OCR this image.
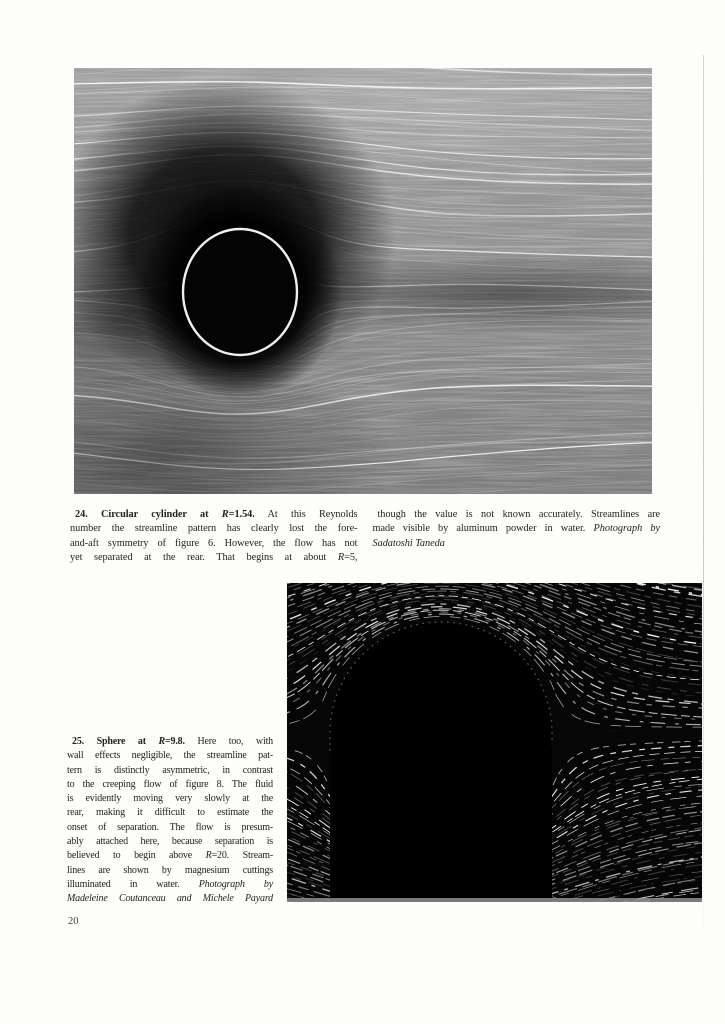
24. Circular cylinder at R=1.54. At this Reynolds
number the streamline pattern has clearly lost the fore-
and-aft symmetry of figure 6. However, the flow has not
yet separated at the rear. That begins at about R=5,
though the value is not known accurately. Streamlines are
made visible by aluminum powder in water. Photograph by
Sadatoshi Taneda
25. Sphere at R=9.8. Here too, with
wall effects negligible, the streamline pat-
tern is distinctly asymmetric, in contrast
to the creeping flow of figure 8. The fluid
is evidently moving very slowly at the
rear, making it difficult to estimate the
onset of separation. The flow is presum-
ably attached here, because separation is
believed to begin above R=20. Stream-
lines are shown by magnesium cuttings
illuminated in water. Photograph by
Madeleine Coutanceau and Michele Payard
20
